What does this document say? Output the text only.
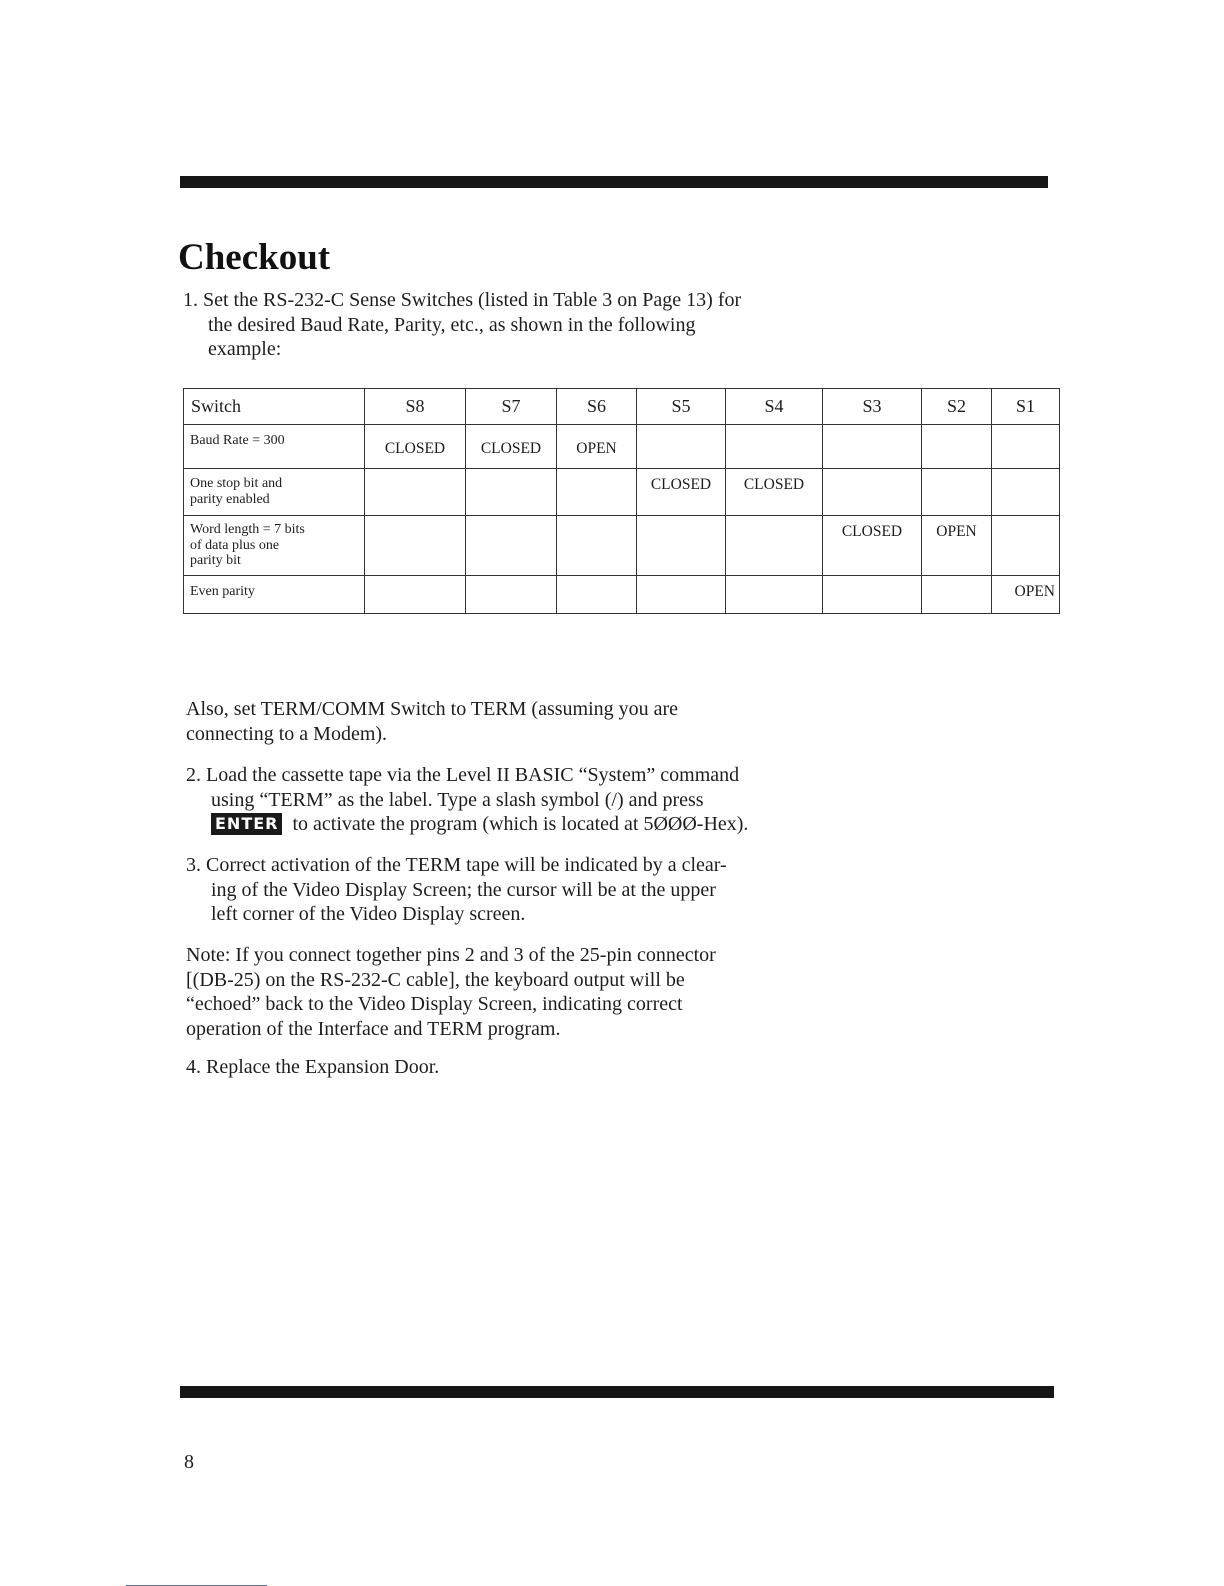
Checkout

1. Set the RS-232-C Sense Switches (listed in Table 3 on Page 13) for
the desired Baud Rate, Parity, etc., as shown in the following
example:

Switch	S8	S7	S6	S5	S4	S3	S2	S1
Baud Rate = 300	CLOSED	CLOSED	OPEN					
One stop bit and
parity enabled				CLOSED	CLOSED			
Word length = 7 bits
of data plus one
parity bit						CLOSED	OPEN	
Even parity								OPEN

Also, set TERM/COMM Switch to TERM (assuming you are
connecting to a Modem).

2. Load the cassette tape via the Level II BASIC “System” command
using “TERM” as the label. Type a slash symbol (/) and press
ENTER to activate the program (which is located at 5ØØØ-Hex).

3. Correct activation of the TERM tape will be indicated by a clear-
ing of the Video Display Screen; the cursor will be at the upper
left corner of the Video Display screen.

Note: If you connect together pins 2 and 3 of the 25-pin connector
[(DB-25) on the RS-232-C cable], the keyboard output will be
“echoed” back to the Video Display Screen, indicating correct
operation of the Interface and TERM program.

4. Replace the Expansion Door.

8
